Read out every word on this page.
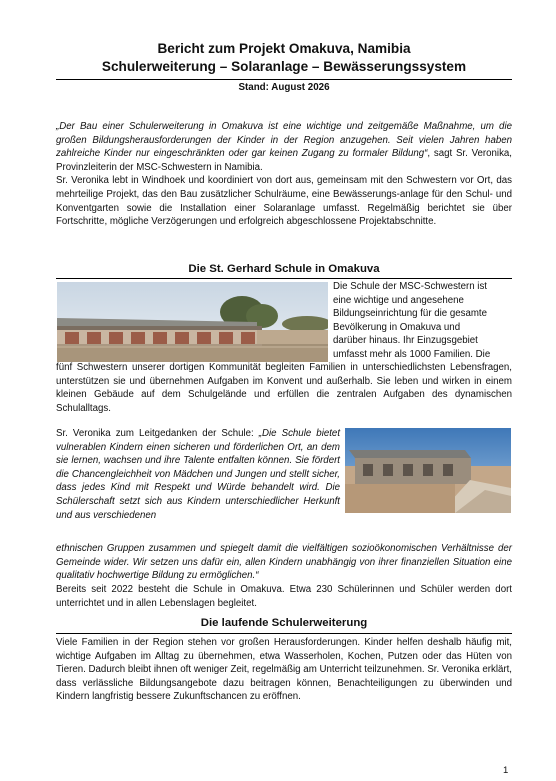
Bericht zum Projekt Omakuva, Namibia
Schulerweiterung – Solaranlage – Bewässerungssystem
Stand: August 2026

„Der Bau einer Schulerweiterung in Omakuva ist eine wichtige und zeitgemäße Maßnahme, um die großen Bildungsherausforderungen der Kinder in der Region anzugehen. Seit vielen Jahren haben zahlreiche Kinder nur eingeschränkten oder gar keinen Zugang zu formaler Bildung“, sagt Sr. Veronika, Provinzleiterin der MSC-Schwestern in Namibia.

Sr. Veronika lebt in Windhoek und koordiniert von dort aus, gemeinsam mit den Schwestern vor Ort, das mehrteilige Projekt, das den Bau zusätzlicher Schulräume, eine Bewässerungs-anlage für den Schul- und Konventgarten sowie die Installation einer Solaranlage umfasst. Regelmäßig berichtet sie über Fortschritte, mögliche Verzögerungen und erfolgreich abgeschlossene Projektabschnitte.

Die St. Gerhard Schule in Omakuva

Die Schule der MSC-Schwestern ist

eine wichtige und angesehene

Bildungseinrichtung für die gesamte

Bevölkerung in Omakuva und

darüber hinaus. Ihr Einzugsgebiet

umfasst mehr als 1000 Familien. Die

fünf Schwestern unserer dortigen Kommunität begleiten Familien in unterschiedlichsten Lebensfragen, unterstützen sie und übernehmen Aufgaben im Konvent und außerhalb. Sie leben und wirken in einem kleinen Gebäude auf dem Schulgelände und erfüllen die zentralen Aufgaben des dynamischen Schulalltags.

Sr. Veronika zum Leitgedanken der Schule: „Die Schule bietet vulnerablen Kindern einen sicheren und förderlichen Ort, an dem sie lernen, wachsen und ihre Talente entfalten können. Sie fördert die Chancengleichheit von Mädchen und Jungen und stellt sicher, dass jedes Kind mit Respekt und Würde behandelt wird. Die Schülerschaft setzt sich aus Kindern unterschiedlicher Herkunft und aus verschiedenen

ethnischen Gruppen zusammen und spiegelt damit die vielfältigen sozioökonomischen Verhältnisse der Gemeinde wider. Wir setzen uns dafür ein, allen Kindern unabhängig von ihrer finanziellen Situation eine qualitativ hochwertige Bildung zu ermöglichen.“
Bereits seit 2022 besteht die Schule in Omakuva. Etwa 230 Schülerinnen und Schüler werden dort unterrichtet und in allen Lebenslagen begleitet.
Die laufende Schulerweiterung
Viele Familien in der Region stehen vor großen Herausforderungen. Kinder helfen deshalb häufig mit, wichtige Aufgaben im Alltag zu übernehmen, etwa Wasserholen, Kochen, Putzen oder das Hüten von Tieren. Dadurch bleibt ihnen oft weniger Zeit, regelmäßig am Unterricht teilzunehmen. Sr. Veronika erklärt, dass verlässliche Bildungsangebote dazu beitragen können, Benachteiligungen zu überwinden und Kindern langfristig bessere Zukunftschancen zu eröffnen.
1
